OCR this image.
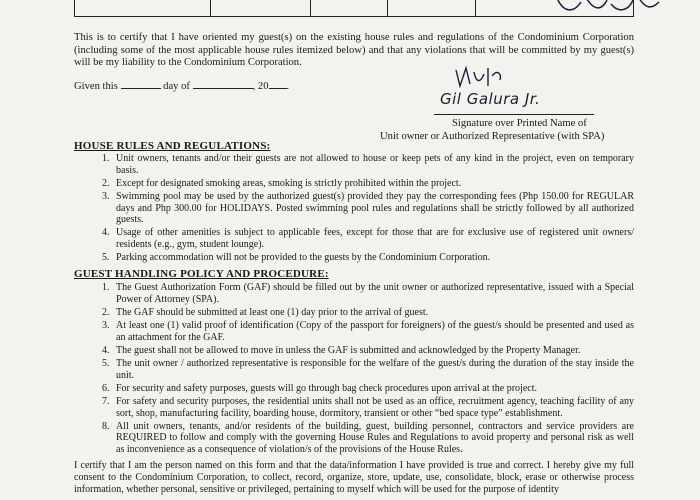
This is to certify that I have oriented my guest(s) on the existing house rules and regulations of the Condominium Corporation (including some of the most applicable house rules itemized below) and that any violations that will be committed by my guest(s) will be my liability to the Condominium Corporation.
Given this	day of	, 20 .
Gil Galura Jr.
Signature over Printed Name of
Unit owner or Authorized Representative (with SPA)
HOUSE RULES AND REGULATIONS:
1. Unit owners, tenants and/or their guests are not allowed to house or keep pets of any kind in the project, even on temporary basis.
2. Except for designated smoking areas, smoking is strictly prohibited within the project.
3. Swimming pool may be used by the authorized guest(s) provided they pay the corresponding fees (Php 150.00 for REGULAR days and Php 300.00 for HOLIDAYS. Posted swimming pool rules and regulations shall be strictly followed by all authorized guests.
4. Usage of other amenities is subject to applicable fees, except for those that are for exclusive use of registered unit owners/ residents (e.g., gym, student lounge).
5. Parking accommodation will not be provided to the guests by the Condominium Corporation.
GUEST HANDLING POLICY AND PROCEDURE:
1. The Guest Authorization Form (GAF) should be filled out by the unit owner or authorized representative, issued with a Special Power of Attorney (SPA).
2. The GAF should be submitted at least one (1) day prior to the arrival of guest.
3. At least one (1) valid proof of identification (Copy of the passport for foreigners) of the guest/s should be presented and used as an attachment for the GAF.
4. The guest shall not be allowed to move in unless the GAF is submitted and acknowledged by the Property Manager.
5. The unit owner / authorized representative is responsible for the welfare of the guest/s during the duration of the stay inside the unit.
6. For security and safety purposes, guests will go through bag check procedures upon arrival at the project.
7. For safety and security purposes, the residential units shall not be used as an office, recruitment agency, teaching facility of any sort, shop, manufacturing facility, boarding house, dormitory, transient or other “bed space type” establishment.
8. All unit owners, tenants, and/or residents of the building, guest, building personnel, contractors and service providers are REQUIRED to follow and comply with the governing House Rules and Regulations to avoid property and personal risk as well as inconvenience as a consequence of violation/s of the provisions of the House Rules.
I certify that I am the person named on this form and that the data/information I have provided is true and correct. I hereby give my full consent to the Condominium Corporation, to collect, record, organize, store, update, use, consolidate, block, erase or otherwise process information, whether personal, sensitive or privileged, pertaining to myself which will be used for the purpose of identity
